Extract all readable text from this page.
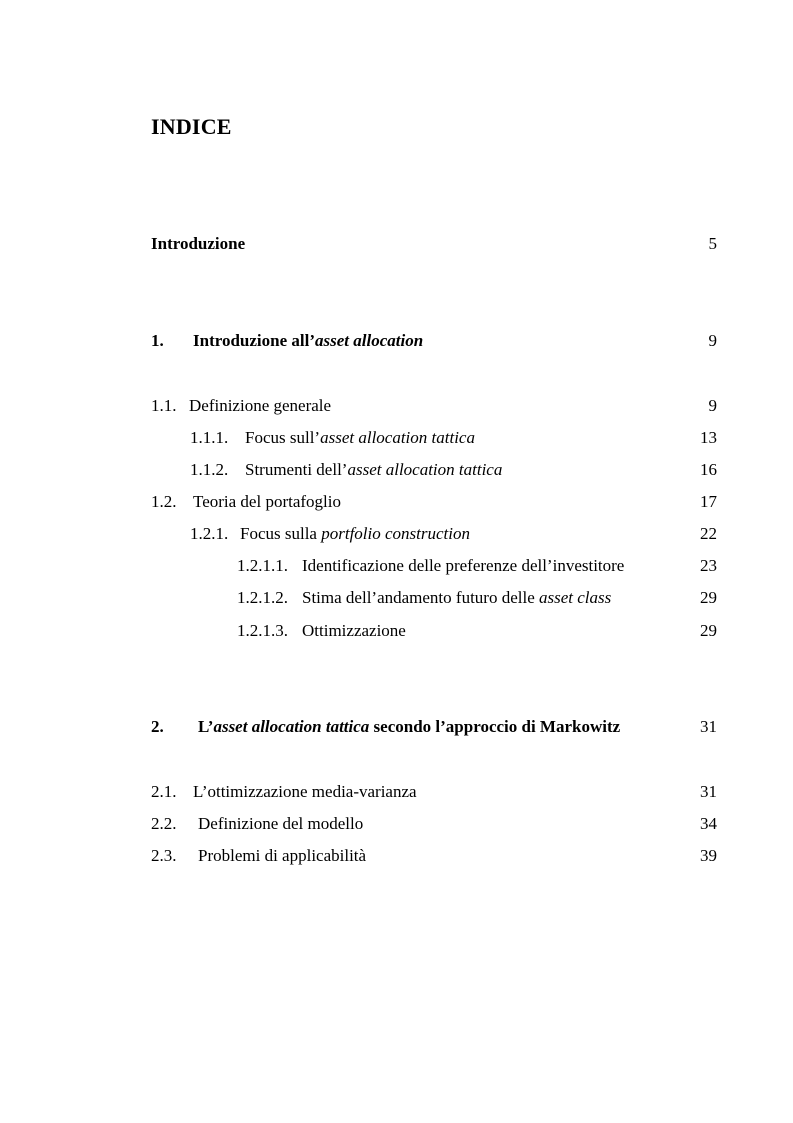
INDICE
Introduzione	5
1. Introduzione all’asset allocation	9
1.1. Definizione generale	9
1.1.1. Focus sull’asset allocation tattica	13
1.1.2. Strumenti dell’asset allocation tattica	16
1.2. Teoria del portafoglio	17
1.2.1. Focus sulla portfolio construction	22
1.2.1.1. Identificazione delle preferenze dell’investitore	23
1.2.1.2. Stima dell’andamento futuro delle asset class	29
1.2.1.3. Ottimizzazione	29
2. L’asset allocation tattica secondo l’approccio di Markowitz	31
2.1. L’ottimizzazione media-varianza	31
2.2. Definizione del modello	34
2.3. Problemi di applicabilità	39
